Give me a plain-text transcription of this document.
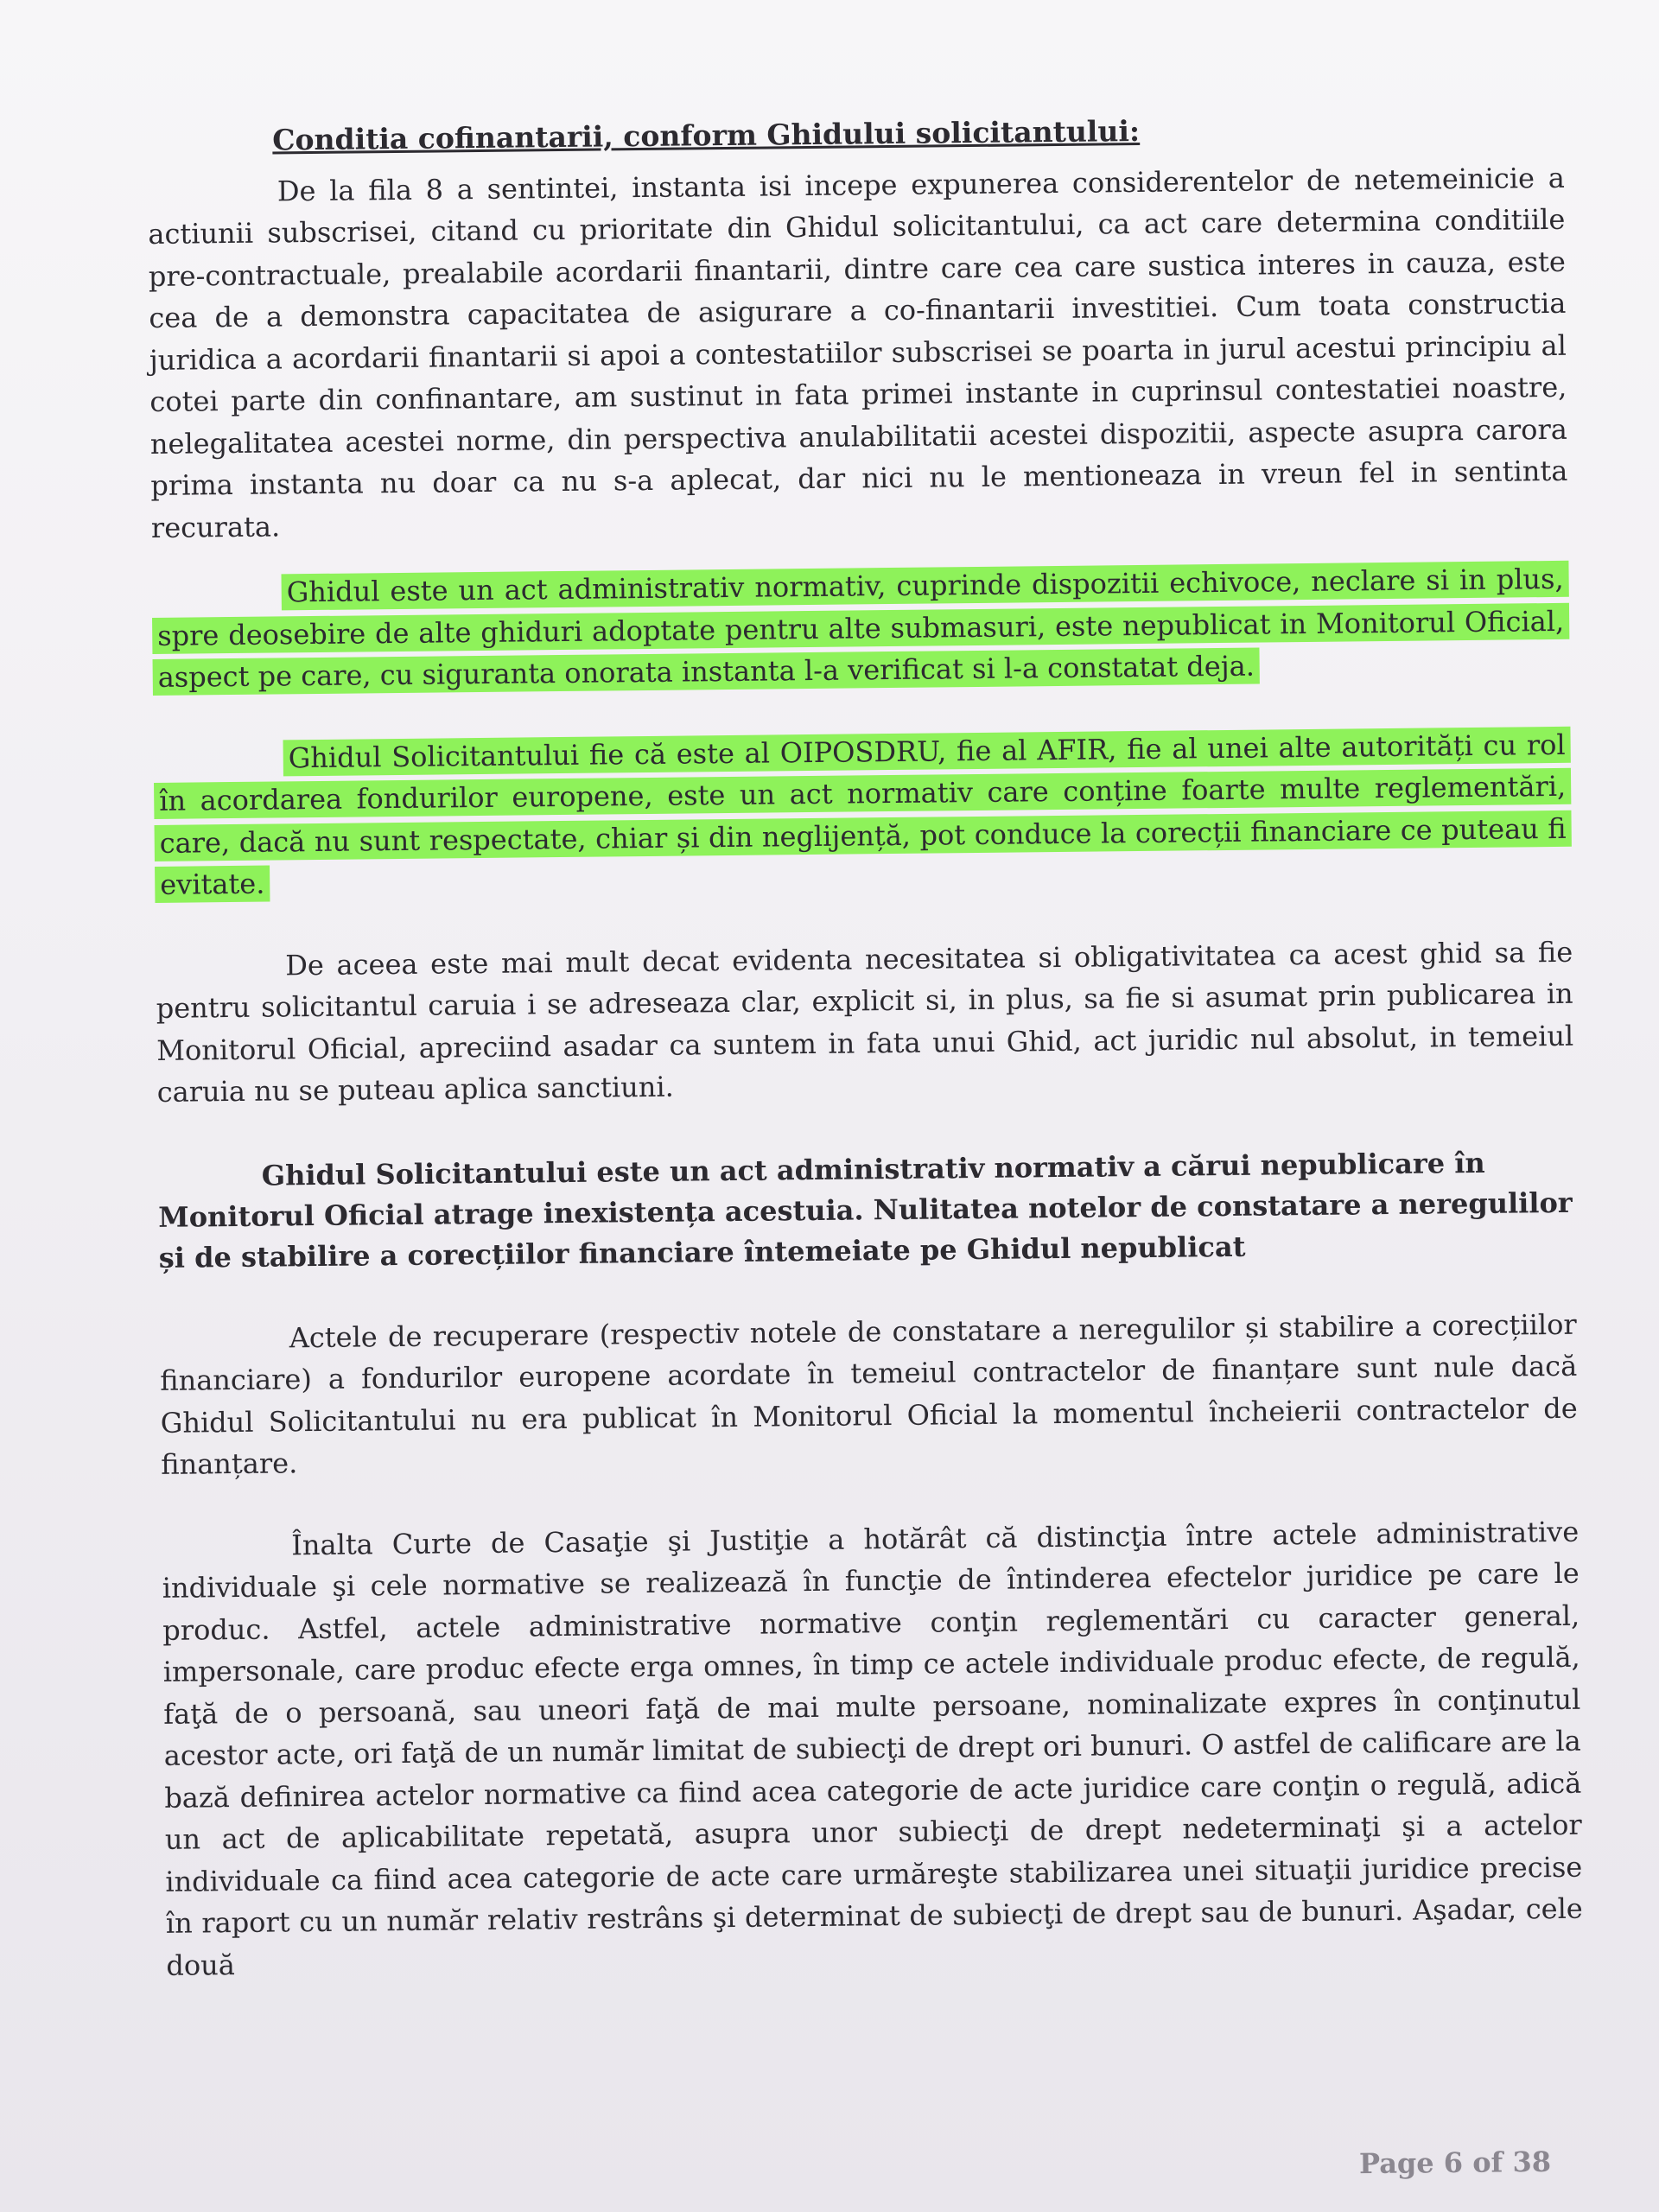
Conditia cofinantarii, conform Ghidului solicitantului:

De la fila 8 a sentintei, instanta isi incepe expunerea considerentelor de netemeinicie a actiunii subscrisei, citand cu prioritate din Ghidul solicitantului, ca act care determina conditiile pre-contractuale, prealabile acordarii finantarii, dintre care cea care sustica interes in cauza, este cea de a demonstra capacitatea de asigurare a co-finantarii investitiei. Cum toata constructia juridica a acordarii finantarii si apoi a contestatiilor subscrisei se poarta in jurul acestui principiu al cotei parte din confinantare, am sustinut in fata primei instante in cuprinsul contestatiei noastre, nelegalitatea acestei norme, din perspectiva anulabilitatii acestei dispozitii, aspecte asupra carora prima instanta nu doar ca nu s-a aplecat, dar nici nu le mentioneaza in vreun fel in sentinta recurata.

Ghidul este un act administrativ normativ, cuprinde dispozitii echivoce, neclare si in plus, spre deosebire de alte ghiduri adoptate pentru alte submasuri, este nepublicat in Monitorul Oficial, aspect pe care, cu siguranta onorata instanta l-a verificat si l-a constatat deja.

Ghidul Solicitantului fie că este al OIPOSDRU, fie al AFIR, fie al unei alte autorități cu rol în acordarea fondurilor europene, este un act normativ care conține foarte multe reglementări, care, dacă nu sunt respectate, chiar și din neglijență, pot conduce la corecții financiare ce puteau fi evitate.

De aceea este mai mult decat evidenta necesitatea si obligativitatea ca acest ghid sa fie pentru solicitantul caruia i se adreseaza clar, explicit si, in plus, sa fie si asumat prin publicarea in Monitorul Oficial, apreciind asadar ca suntem in fata unui Ghid, act juridic nul absolut, in temeiul caruia nu se puteau aplica sanctiuni.

Ghidul Solicitantului este un act administrativ normativ a cărui nepublicare în Monitorul Oficial atrage inexistența acestuia. Nulitatea notelor de constatare a neregulilor și de stabilire a corecțiilor financiare întemeiate pe Ghidul nepublicat

Actele de recuperare (respectiv notele de constatare a neregulilor și stabilire a corecțiilor financiare) a fondurilor europene acordate în temeiul contractelor de finanțare sunt nule dacă Ghidul Solicitantului nu era publicat în Monitorul Oficial la momentul încheierii contractelor de finanțare.

Înalta Curte de Casaţie şi Justiţie a hotărât că distincţia între actele administrative individuale şi cele normative se realizează în funcţie de întinderea efectelor juridice pe care le produc. Astfel, actele administrative normative conţin reglementări cu caracter general, impersonale, care produc efecte erga omnes, în timp ce actele individuale produc efecte, de regulă, faţă de o persoană, sau uneori faţă de mai multe persoane, nominalizate expres în conţinutul acestor acte, ori faţă de un număr limitat de subiecţi de drept ori bunuri. O astfel de calificare are la bază definirea actelor normative ca fiind acea categorie de acte juridice care conţin o regulă, adică un act de aplicabilitate repetată, asupra unor subiecţi de drept nedeterminaţi şi a actelor individuale ca fiind acea categorie de acte care urmăreşte stabilizarea unei situaţii juridice precise în raport cu un număr relativ restrâns şi determinat de subiecţi de drept sau de bunuri. Aşadar, cele două

Page 6 of 38
